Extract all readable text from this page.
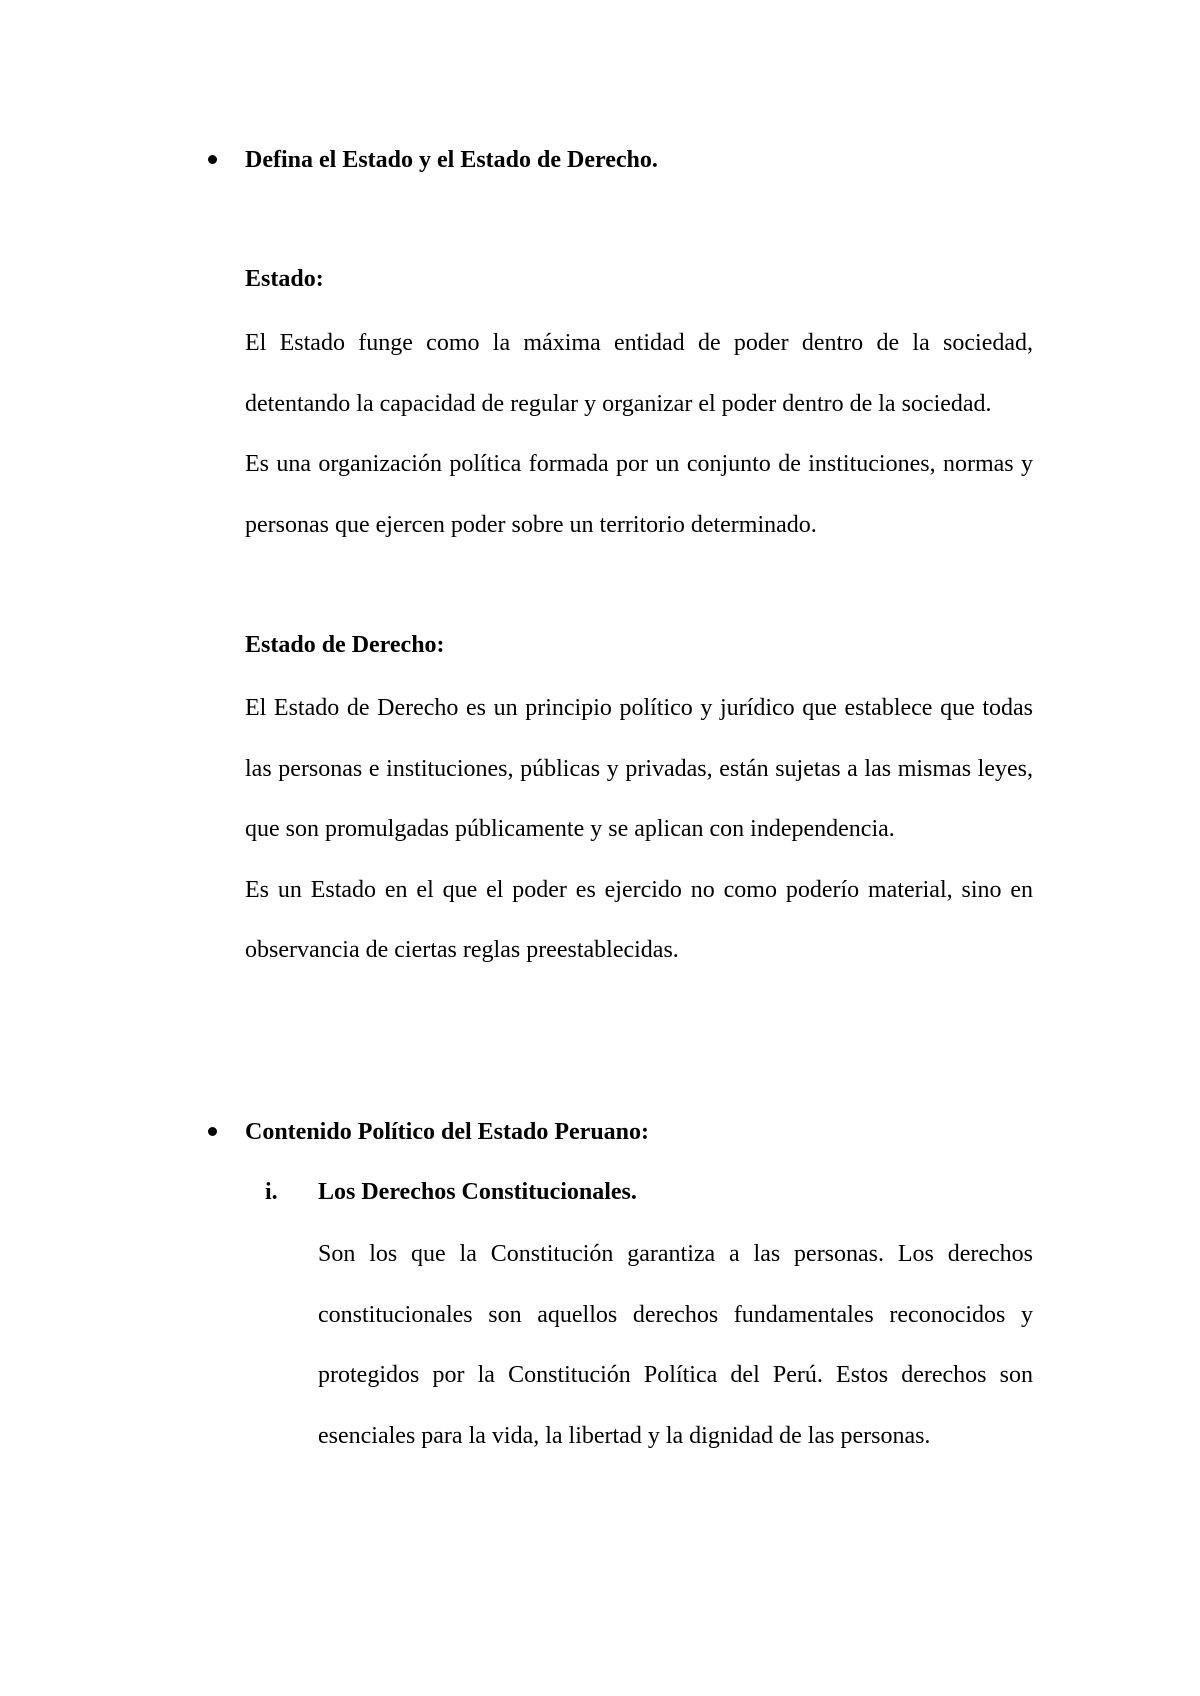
Defina el Estado y el Estado de Derecho.
Estado:

El Estado funge como la máxima entidad de poder dentro de la sociedad, detentando la capacidad de regular y organizar el poder dentro de la sociedad.

Es una organización política formada por un conjunto de instituciones, normas y personas que ejercen poder sobre un territorio determinado.

Estado de Derecho:

El Estado de Derecho es un principio político y jurídico que establece que todas las personas e instituciones, públicas y privadas, están sujetas a las mismas leyes, que son promulgadas públicamente y se aplican con independencia.

Es un Estado en el que el poder es ejercido no como poderío material, sino en observancia de ciertas reglas preestablecidas.

Contenido Político del Estado Peruano:
i. Los Derechos Constitucionales.

Son los que la Constitución garantiza a las personas. Los derechos constitucionales son aquellos derechos fundamentales reconocidos y protegidos por la Constitución Política del Perú. Estos derechos son esenciales para la vida, la libertad y la dignidad de las personas.
